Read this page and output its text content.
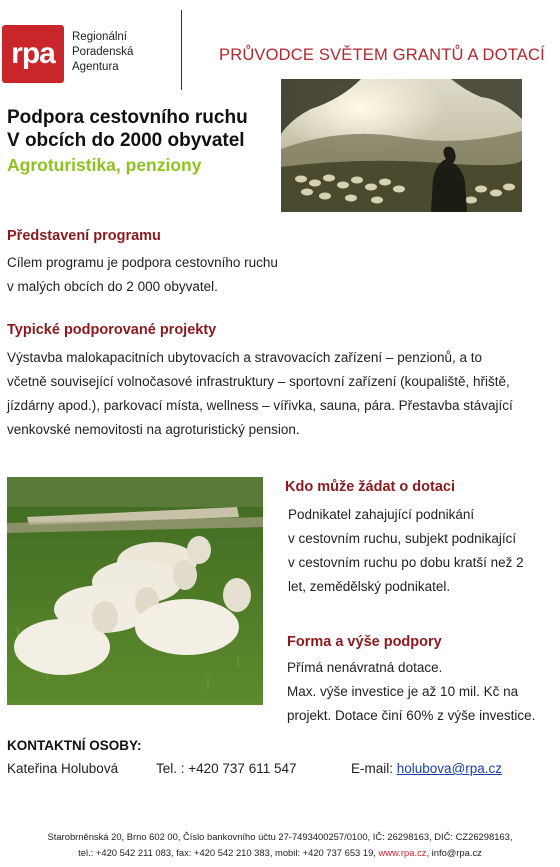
rpa	Regionální
Poradenská
Agentura
PRŮVODCE SVĚTEM GRANTŮ A DOTACÍ
Podpora cestovního ruchu
V obcích do 2000 obyvatel
Agroturistika, penziony
Představení programu
Cílem programu je podpora cestovního ruchu
v malých obcích do 2 000 obyvatel.
Typické podporované projekty
Výstavba malokapacitních ubytovacích a stravovacích zařízení – penzionů, a to
včetně související volnočasové infrastruktury – sportovní zařízení (koupaliště, hřiště,
jízdárny apod.), parkovací místa, wellness – vířivka, sauna, pára. Přestavba stávající
venkovské nemovitosti na agroturistický pension.
Kdo může žádat o dotaci
Podnikatel zahajující podnikání
v cestovním ruchu, subjekt podnikající
v cestovním ruchu po dobu kratší než 2
let, zemědělský podnikatel.
Forma a výše podpory
Přímá nenávratná dotace.
Max. výše investice je až 10 mil. Kč na
projekt. Dotace činí 60% z výše investice.
KONTAKTNÍ OSOBY:
Kateřina Holubová	Tel. : +420 737 611 547	E-mail: holubova@rpa.cz
Starobrněnská 20, Brno 602 00, Číslo bankovního účtu 27-7493400257/0100, IČ: 26298163, DIČ: CZ26298163,
tel.: +420 542 211 083, fax: +420 542 210 383, mobil: +420 737 653 19, www.rpa.cz, info@rpa.cz
